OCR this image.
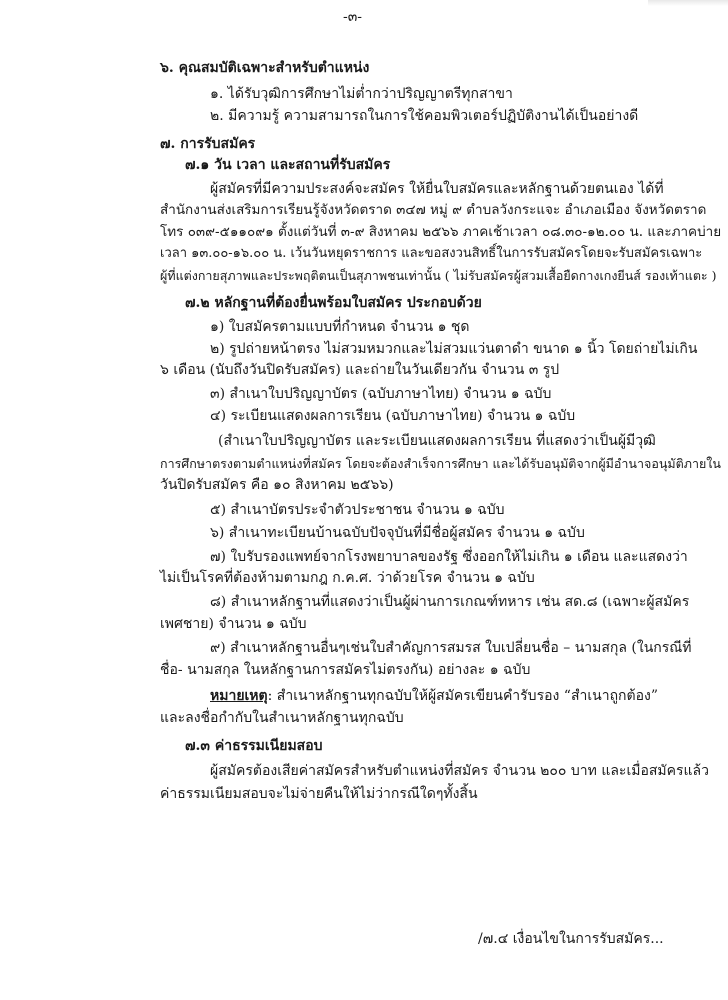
-๓-
๖. คุณสมบัติเฉพาะสำหรับตำแหน่ง
๑. ได้รับวุฒิการศึกษาไม่ต่ำกว่าปริญญาตรีทุกสาขา
๒. มีความรู้ ความสามารถในการใช้คอมพิวเตอร์ปฏิบัติงานได้เป็นอย่างดี
๗. การรับสมัคร
๗.๑ วัน เวลา และสถานที่รับสมัคร
ผู้สมัครที่มีความประสงค์จะสมัคร ให้ยื่นใบสมัครและหลักฐานด้วยตนเอง ได้ที่
สำนักงานส่งเสริมการเรียนรู้จังหวัดตราด ๓๔๗ หมู่ ๙ ตำบลวังกระแจะ อำเภอเมือง จังหวัดตราด
โทร ๐๓๙-๕๑๑๐๙๑ ตั้งแต่วันที่ ๓-๙ สิงหาคม ๒๕๖๖ ภาคเช้าเวลา ๐๘.๓๐-๑๒.๐๐ น. และภาคบ่าย
เวลา ๑๓.๐๐-๑๖.๐๐ น. เว้นวันหยุดราชการ และขอสงวนสิทธิ์ในการรับสมัครโดยจะรับสมัครเฉพาะ
ผู้ที่แต่งกายสุภาพและประพฤติตนเป็นสุภาพชนเท่านั้น ( ไม่รับสมัครผู้สวมเสื้อยืดกางเกงยีนส์ รองเท้าแตะ )
๗.๒ หลักฐานที่ต้องยื่นพร้อมใบสมัคร ประกอบด้วย
๑) ใบสมัครตามแบบที่กำหนด จำนวน ๑ ชุด
๒) รูปถ่ายหน้าตรง ไม่สวมหมวกและไม่สวมแว่นตาดำ ขนาด ๑ นิ้ว โดยถ่ายไม่เกิน
๖ เดือน (นับถึงวันปิดรับสมัคร) และถ่ายในวันเดียวกัน จำนวน ๓ รูป
๓) สำเนาใบปริญญาบัตร (ฉบับภาษาไทย) จำนวน ๑ ฉบับ
๔) ระเบียนแสดงผลการเรียน (ฉบับภาษาไทย) จำนวน ๑ ฉบับ
(สำเนาใบปริญญาบัตร และระเบียนแสดงผลการเรียน ที่แสดงว่าเป็นผู้มีวุฒิ
การศึกษาตรงตามตำแหน่งที่สมัคร โดยจะต้องสำเร็จการศึกษา และได้รับอนุมัติจากผู้มีอำนาจอนุมัติภายใน
วันปิดรับสมัคร คือ ๑๐ สิงหาคม ๒๕๖๖)
๕) สำเนาบัตรประจำตัวประชาชน จำนวน ๑ ฉบับ
๖) สำเนาทะเบียนบ้านฉบับปัจจุบันที่มีชื่อผู้สมัคร จำนวน ๑ ฉบับ
๗) ใบรับรองแพทย์จากโรงพยาบาลของรัฐ ซึ่งออกให้ไม่เกิน ๑ เดือน และแสดงว่า
ไม่เป็นโรคที่ต้องห้ามตามกฎ ก.ค.ศ. ว่าด้วยโรค จำนวน ๑ ฉบับ
๘) สำเนาหลักฐานที่แสดงว่าเป็นผู้ผ่านการเกณฑ์ทหาร เช่น สด.๘ (เฉพาะผู้สมัคร
เพศชาย) จำนวน ๑ ฉบับ
๙) สำเนาหลักฐานอื่นๆเช่นใบสำคัญการสมรส ใบเปลี่ยนชื่อ – นามสกุล (ในกรณีที่
ชื่อ- นามสกุล ในหลักฐานการสมัครไม่ตรงกัน) อย่างละ ๑ ฉบับ
หมายเหตุ: สำเนาหลักฐานทุกฉบับให้ผู้สมัครเขียนคำรับรอง “สำเนาถูกต้อง”
และลงชื่อกำกับในสำเนาหลักฐานทุกฉบับ
๗.๓ ค่าธรรมเนียมสอบ
ผู้สมัครต้องเสียค่าสมัครสำหรับตำแหน่งที่สมัคร จำนวน ๒๐๐ บาท และเมื่อสมัครแล้ว
ค่าธรรมเนียมสอบจะไม่จ่ายคืนให้ไม่ว่ากรณีใดๆทั้งสิ้น
/๗.๔ เงื่อนไขในการรับสมัคร...
